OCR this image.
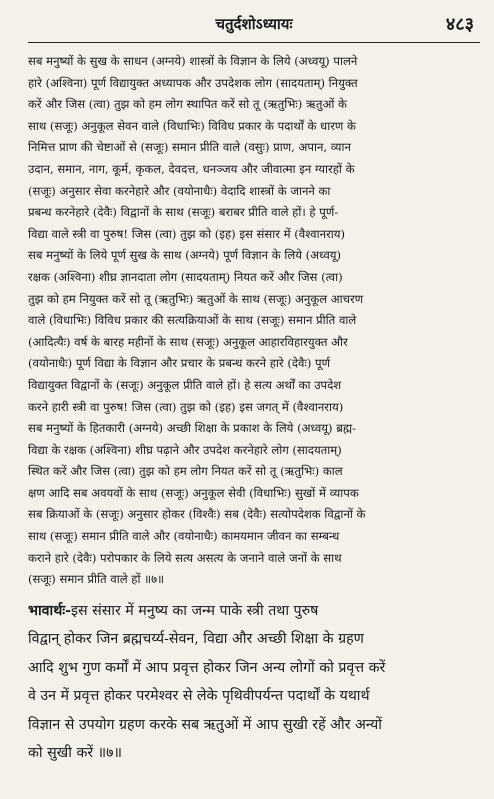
चतुर्दशोऽध्यायः	४८३
सब मनुष्यों के सुख के साधन (अग्नये) शास्त्रों के विज्ञान के लिये (अध्वयू) पालने
हारे (अश्विना) पूर्ण विद्यायुक्त अध्यापक और उपदेशक लोग (सादयताम्) नियुक्त
करें और जिस (त्वा) तुझ को हम लोग स्थापित करें सो तू (ऋतुभिः) ऋतुओं के
साथ (सजूः) अनुकूल सेवन वाले (विधाभिः) विविध प्रकार के पदार्थों के धारण के
निमित्त प्राण की चेष्टाओं से (सजूः) समान प्रीति वाले (वसुः) प्राण, अपान, व्यान
उदान, समान, नाग, कूर्म, कृकल, देवदत्त, धनञ्जय और जीवात्मा इन ग्यारहों के
(सजूः) अनुसार सेवा करनेहारे और (वयोनाधैः) वेदादि शास्त्रों के जानने का
प्रबन्ध करनेहारे (देवैः) विद्वानों के साथ (सजूः) बराबर प्रीति वाले हों। हे पूर्ण-
विद्या वाले स्त्री वा पुरुष! जिस (त्वा) तुझ को (इह) इस संसार में (वैश्वानराय)
सब मनुष्यों के लिये पूर्ण सुख के साथ (अग्नये) पूर्ण विज्ञान के लिये (अध्वयू)
रक्षक (अश्विना) शीघ्र ज्ञानदाता लोग (सादयताम्) नियत करें और जिस (त्वा)
तुझ को हम नियुक्त करें सो तू (ऋतुभिः) ऋतुओं के साथ (सजूः) अनुकूल आचरण
वाले (विधाभिः) विविध प्रकार की सत्यक्रियाओं के साथ (सजूः) समान प्रीति वाले
(आदित्यैः) वर्ष के बारह महीनों के साथ (सजूः) अनुकूल आहारविहारयुक्त और
(वयोनाधैः) पूर्ण विद्या के विज्ञान और प्रचार के प्रबन्ध करने हारे (देवैः) पूर्ण
विद्यायुक्त विद्वानों के (सजूः) अनुकूल प्रीति वाले हों। हे सत्य अर्थों का उपदेश
करने हारी स्त्री वा पुरुष! जिस (त्वा) तुझ को (इह) इस जगत् में (वैश्वानराय)
सब मनुष्यों के हितकारी (अग्नये) अच्छी शिक्षा के प्रकाश के लिये (अध्वयू) ब्रह्म-
विद्या के रक्षक (अश्विना) शीघ्र पढ़ाने और उपदेश करनेहारे लोग (सादयताम्)
स्थित करें और जिस (त्वा) तुझ को हम लोग नियत करें सो तू (ऋतुभिः) काल
क्षण आदि सब अवयवों के साथ (सजूः) अनुकूल सेवी (विधाभिः) सुखों में व्यापक
सब क्रियाओं के (सजूः) अनुसार होकर (विश्वैः) सब (देवैः) सत्योपदेशक विद्वानों के
साथ (सजूः) समान प्रीति वाले और (वयोनाधैः) कामयमान जीवन का सम्बन्ध
कराने हारे (देवैः) परोपकार के लिये सत्य असत्य के जनाने वाले जनों के साथ
(सजूः) समान प्रीति वाले हों ॥७॥
भावार्थः-इस संसार में मनुष्य का जन्म पाके स्त्री तथा पुरुष
विद्वान् होकर जिन ब्रह्मचर्य्य-सेवन, विद्या और अच्छी शिक्षा के ग्रहण
आदि शुभ गुण कर्मों में आप प्रवृत्त होकर जिन अन्य लोगों को प्रवृत्त करें
वे उन में प्रवृत्त होकर परमेश्वर से लेके पृथिवीपर्यन्त पदार्थों के यथार्थ
विज्ञान से उपयोग ग्रहण करके सब ऋतुओं में आप सुखी रहें और अन्यों
को सुखी करें ॥७॥
